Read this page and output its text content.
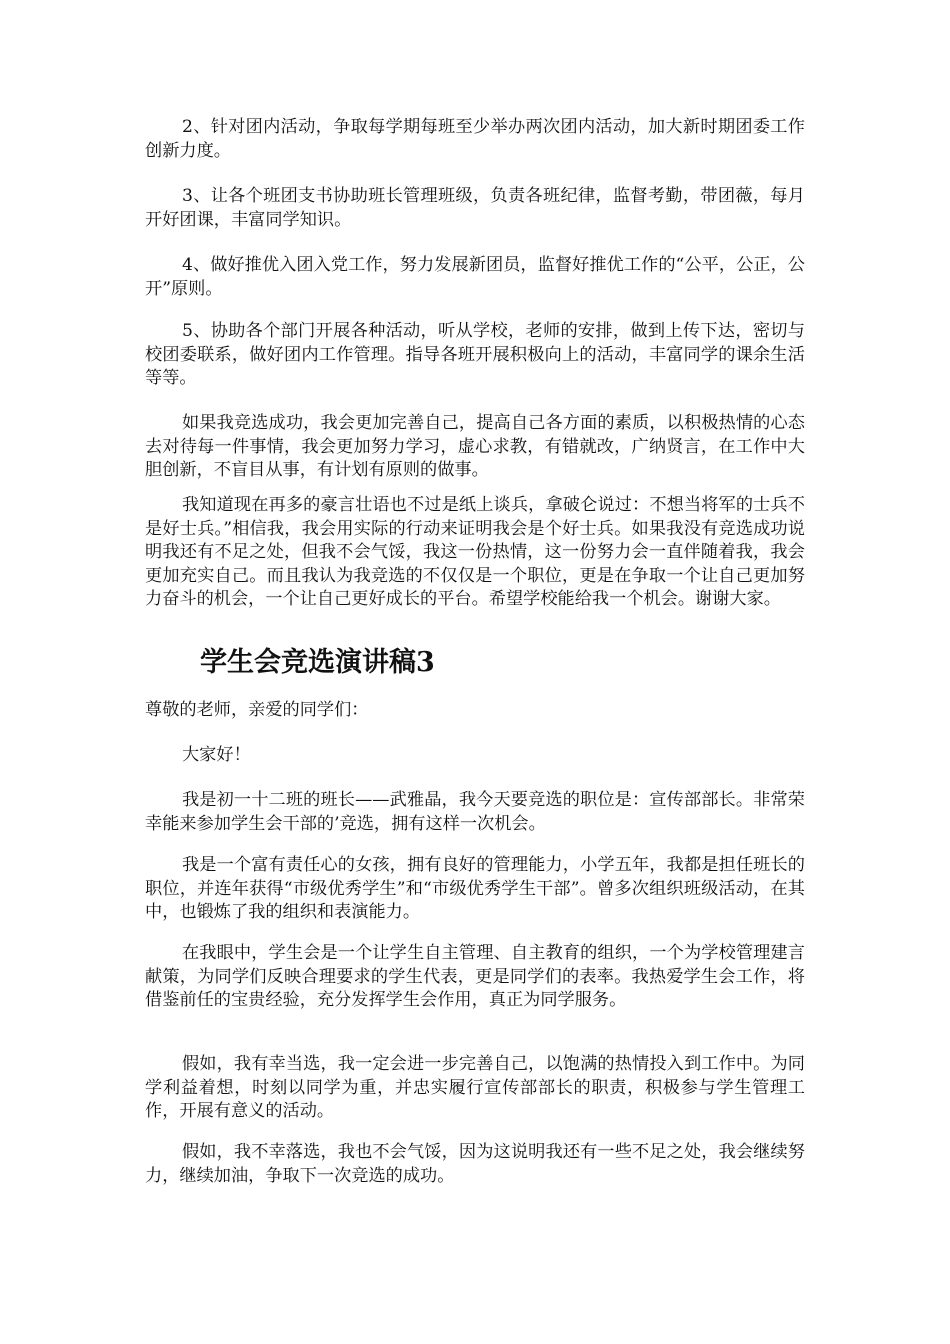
2、针对团内活动，争取每学期每班至少举办两次团内活动，加大新时期团委工作创新力度。

3、让各个班团支书协助班长管理班级，负责各班纪律，监督考勤，带团薇，每月开好团课，丰富同学知识。

4、做好推优入团入党工作，努力发展新团员，监督好推优工作的“公平，公正，公开”原则。

5、协助各个部门开展各种活动，听从学校，老师的安排，做到上传下达，密切与校团委联系，做好团内工作管理。指导各班开展积极向上的活动，丰富同学的课余生活等等。

如果我竞选成功，我会更加完善自己，提高自己各方面的素质，以积极热情的心态去对待每一件事情，我会更加努力学习，虚心求教，有错就改，广纳贤言，在工作中大胆创新，不盲目从事，有计划有原则的做事。

我知道现在再多的豪言壮语也不过是纸上谈兵，拿破仑说过：不想当将军的士兵不是好士兵。”相信我，我会用实际的行动来证明我会是个好士兵。如果我没有竞选成功说明我还有不足之处，但我不会气馁，我这一份热情，这一份努力会一直伴随着我，我会更加充实自己。而且我认为我竞选的不仅仅是一个职位，更是在争取一个让自己更加努力奋斗的机会，一个让自己更好成长的平台。希望学校能给我一个机会。谢谢大家。

学生会竞选演讲稿3

尊敬的老师，亲爱的同学们：

大家好！

我是初一十二班的班长——武雅晶，我今天要竞选的职位是：宣传部部长。非常荣幸能来参加学生会干部的’竞选，拥有这样一次机会。

我是一个富有责任心的女孩，拥有良好的管理能力，小学五年，我都是担任班长的职位，并连年获得“市级优秀学生”和“市级优秀学生干部”。曾多次组织班级活动，在其中，也锻炼了我的组织和表演能力。

在我眼中，学生会是一个让学生自主管理、自主教育的组织，一个为学校管理建言献策，为同学们反映合理要求的学生代表，更是同学们的表率。我热爱学生会工作，将借鉴前任的宝贵经验，充分发挥学生会作用，真正为同学服务。

假如，我有幸当选，我一定会进一步完善自己，以饱满的热情投入到工作中。为同学利益着想，时刻以同学为重，并忠实履行宣传部部长的职责，积极参与学生管理工作，开展有意义的活动。

假如，我不幸落选，我也不会气馁，因为这说明我还有一些不足之处，我会继续努力，继续加油，争取下一次竞选的成功。
